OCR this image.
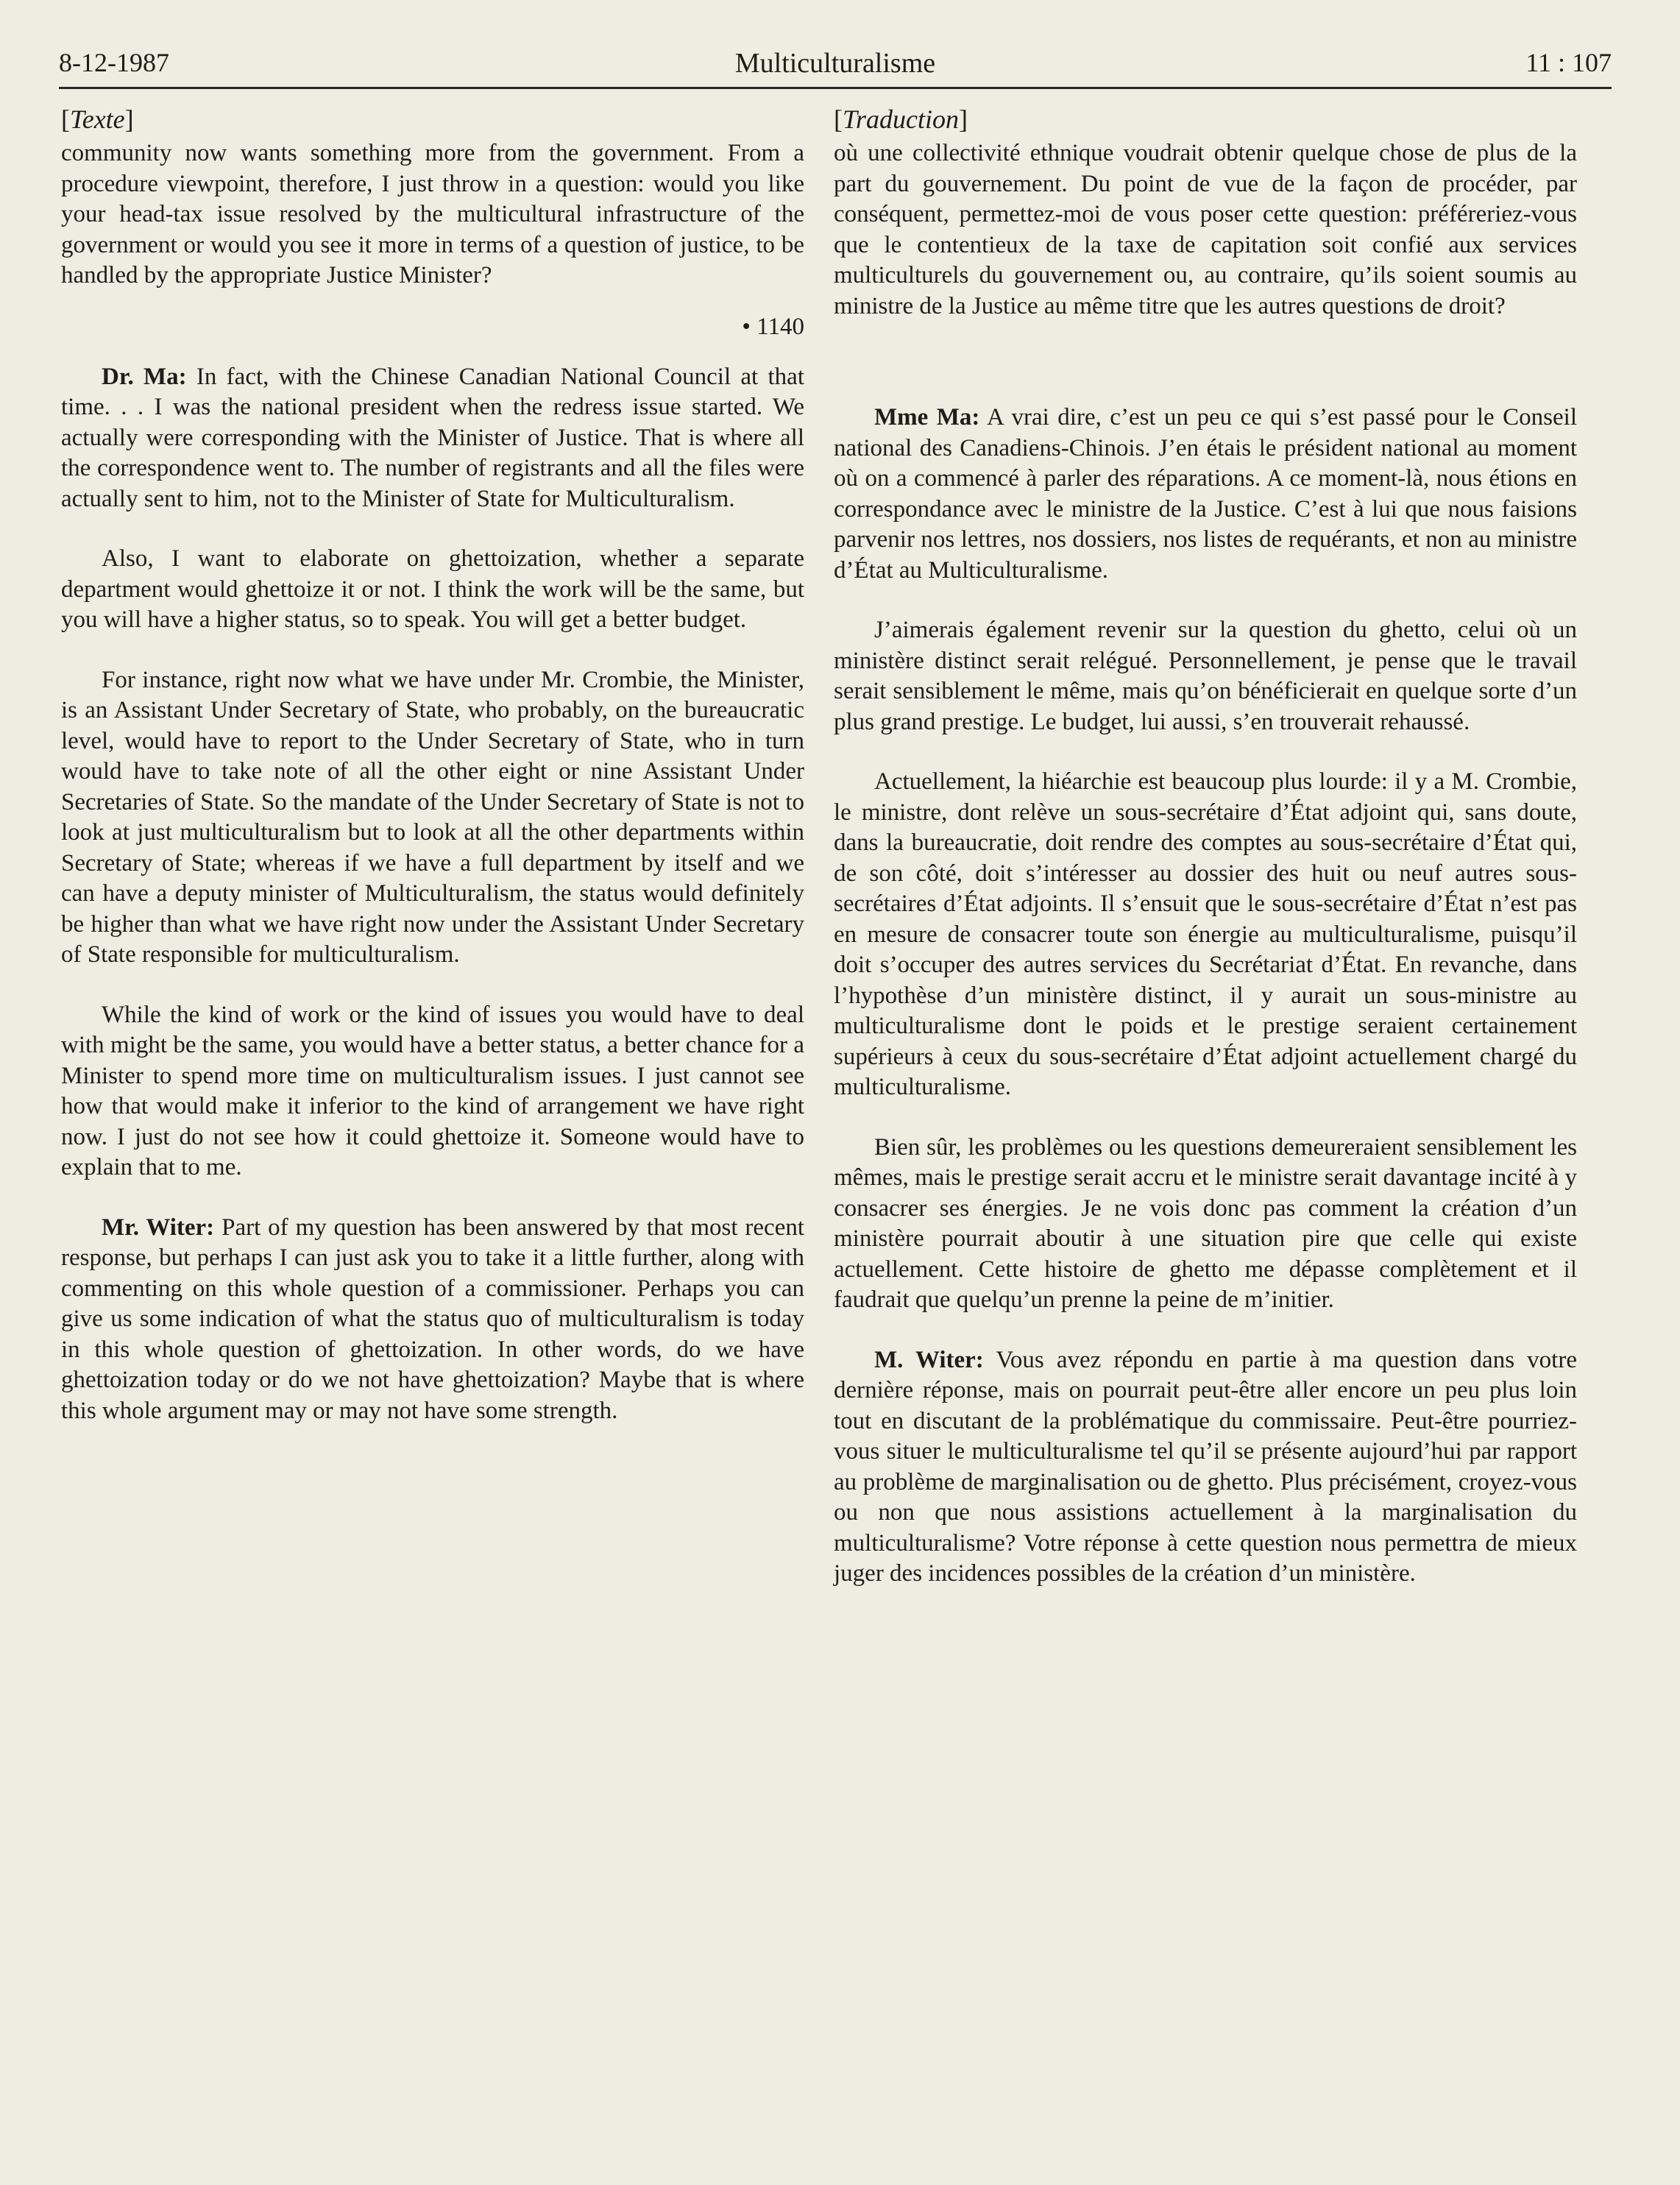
8-12-1987	Multiculturalisme	11 : 107
[Texte]

community now wants something more from the government. From a procedure viewpoint, therefore, I just throw in a question: would you like your head-tax issue resolved by the multicultural infrastructure of the government or would you see it more in terms of a question of justice, to be handled by the appropriate Justice Minister?

• 1140

Dr. Ma: In fact, with the Chinese Canadian National Council at that time. . . I was the national president when the redress issue started. We actually were corresponding with the Minister of Justice. That is where all the correspondence went to. The number of registrants and all the files were actually sent to him, not to the Minister of State for Multiculturalism.

Also, I want to elaborate on ghettoization, whether a separate department would ghettoize it or not. I think the work will be the same, but you will have a higher status, so to speak. You will get a better budget.

For instance, right now what we have under Mr. Crombie, the Minister, is an Assistant Under Secretary of State, who probably, on the bureaucratic level, would have to report to the Under Secretary of State, who in turn would have to take note of all the other eight or nine Assistant Under Secretaries of State. So the mandate of the Under Secretary of State is not to look at just multiculturalism but to look at all the other departments within Secretary of State; whereas if we have a full department by itself and we can have a deputy minister of Multiculturalism, the status would definitely be higher than what we have right now under the Assistant Under Secretary of State responsible for multiculturalism.

While the kind of work or the kind of issues you would have to deal with might be the same, you would have a better status, a better chance for a Minister to spend more time on multiculturalism issues. I just cannot see how that would make it inferior to the kind of arrangement we have right now. I just do not see how it could ghettoize it. Someone would have to explain that to me.

Mr. Witer: Part of my question has been answered by that most recent response, but perhaps I can just ask you to take it a little further, along with commenting on this whole question of a commissioner. Perhaps you can give us some indication of what the status quo of multiculturalism is today in this whole question of ghettoization. In other words, do we have ghettoization today or do we not have ghettoization? Maybe that is where this whole argument may or may not have some strength.

[Traduction]

où une collectivité ethnique voudrait obtenir quelque chose de plus de la part du gouvernement. Du point de vue de la façon de procéder, par conséquent, permettez-moi de vous poser cette question: préféreriez-vous que le contentieux de la taxe de capitation soit confié aux services multiculturels du gouvernement ou, au contraire, qu’ils soient soumis au ministre de la Justice au même titre que les autres questions de droit?

Mme Ma: A vrai dire, c’est un peu ce qui s’est passé pour le Conseil national des Canadiens-Chinois. J’en étais le président national au moment où on a commencé à parler des réparations. A ce moment-là, nous étions en correspondance avec le ministre de la Justice. C’est à lui que nous faisions parvenir nos lettres, nos dossiers, nos listes de requérants, et non au ministre d’État au Multiculturalisme.

J’aimerais également revenir sur la question du ghetto, celui où un ministère distinct serait relégué. Personnellement, je pense que le travail serait sensiblement le même, mais qu’on bénéficierait en quelque sorte d’un plus grand prestige. Le budget, lui aussi, s’en trouverait rehaussé.

Actuellement, la hiéarchie est beaucoup plus lourde: il y a M. Crombie, le ministre, dont relève un sous-secrétaire d’État adjoint qui, sans doute, dans la bureaucratie, doit rendre des comptes au sous-secrétaire d’État qui, de son côté, doit s’intéresser au dossier des huit ou neuf autres sous-secrétaires d’État adjoints. Il s’ensuit que le sous-secrétaire d’État n’est pas en mesure de consacrer toute son énergie au multiculturalisme, puisqu’il doit s’occuper des autres services du Secrétariat d’État. En revanche, dans l’hypothèse d’un ministère distinct, il y aurait un sous-ministre au multiculturalisme dont le poids et le prestige seraient certainement supérieurs à ceux du sous-secrétaire d’État adjoint actuellement chargé du multiculturalisme.

Bien sûr, les problèmes ou les questions demeureraient sensiblement les mêmes, mais le prestige serait accru et le ministre serait davantage incité à y consacrer ses énergies. Je ne vois donc pas comment la création d’un ministère pourrait aboutir à une situation pire que celle qui existe actuellement. Cette histoire de ghetto me dépasse complètement et il faudrait que quelqu’un prenne la peine de m’initier.

M. Witer: Vous avez répondu en partie à ma question dans votre dernière réponse, mais on pourrait peut-être aller encore un peu plus loin tout en discutant de la problématique du commissaire. Peut-être pourriez-vous situer le multiculturalisme tel qu’il se présente aujourd’hui par rapport au problème de marginalisation ou de ghetto. Plus précisément, croyez-vous ou non que nous assistions actuellement à la marginalisation du multiculturalisme? Votre réponse à cette question nous permettra de mieux juger des incidences possibles de la création d’un ministère.
